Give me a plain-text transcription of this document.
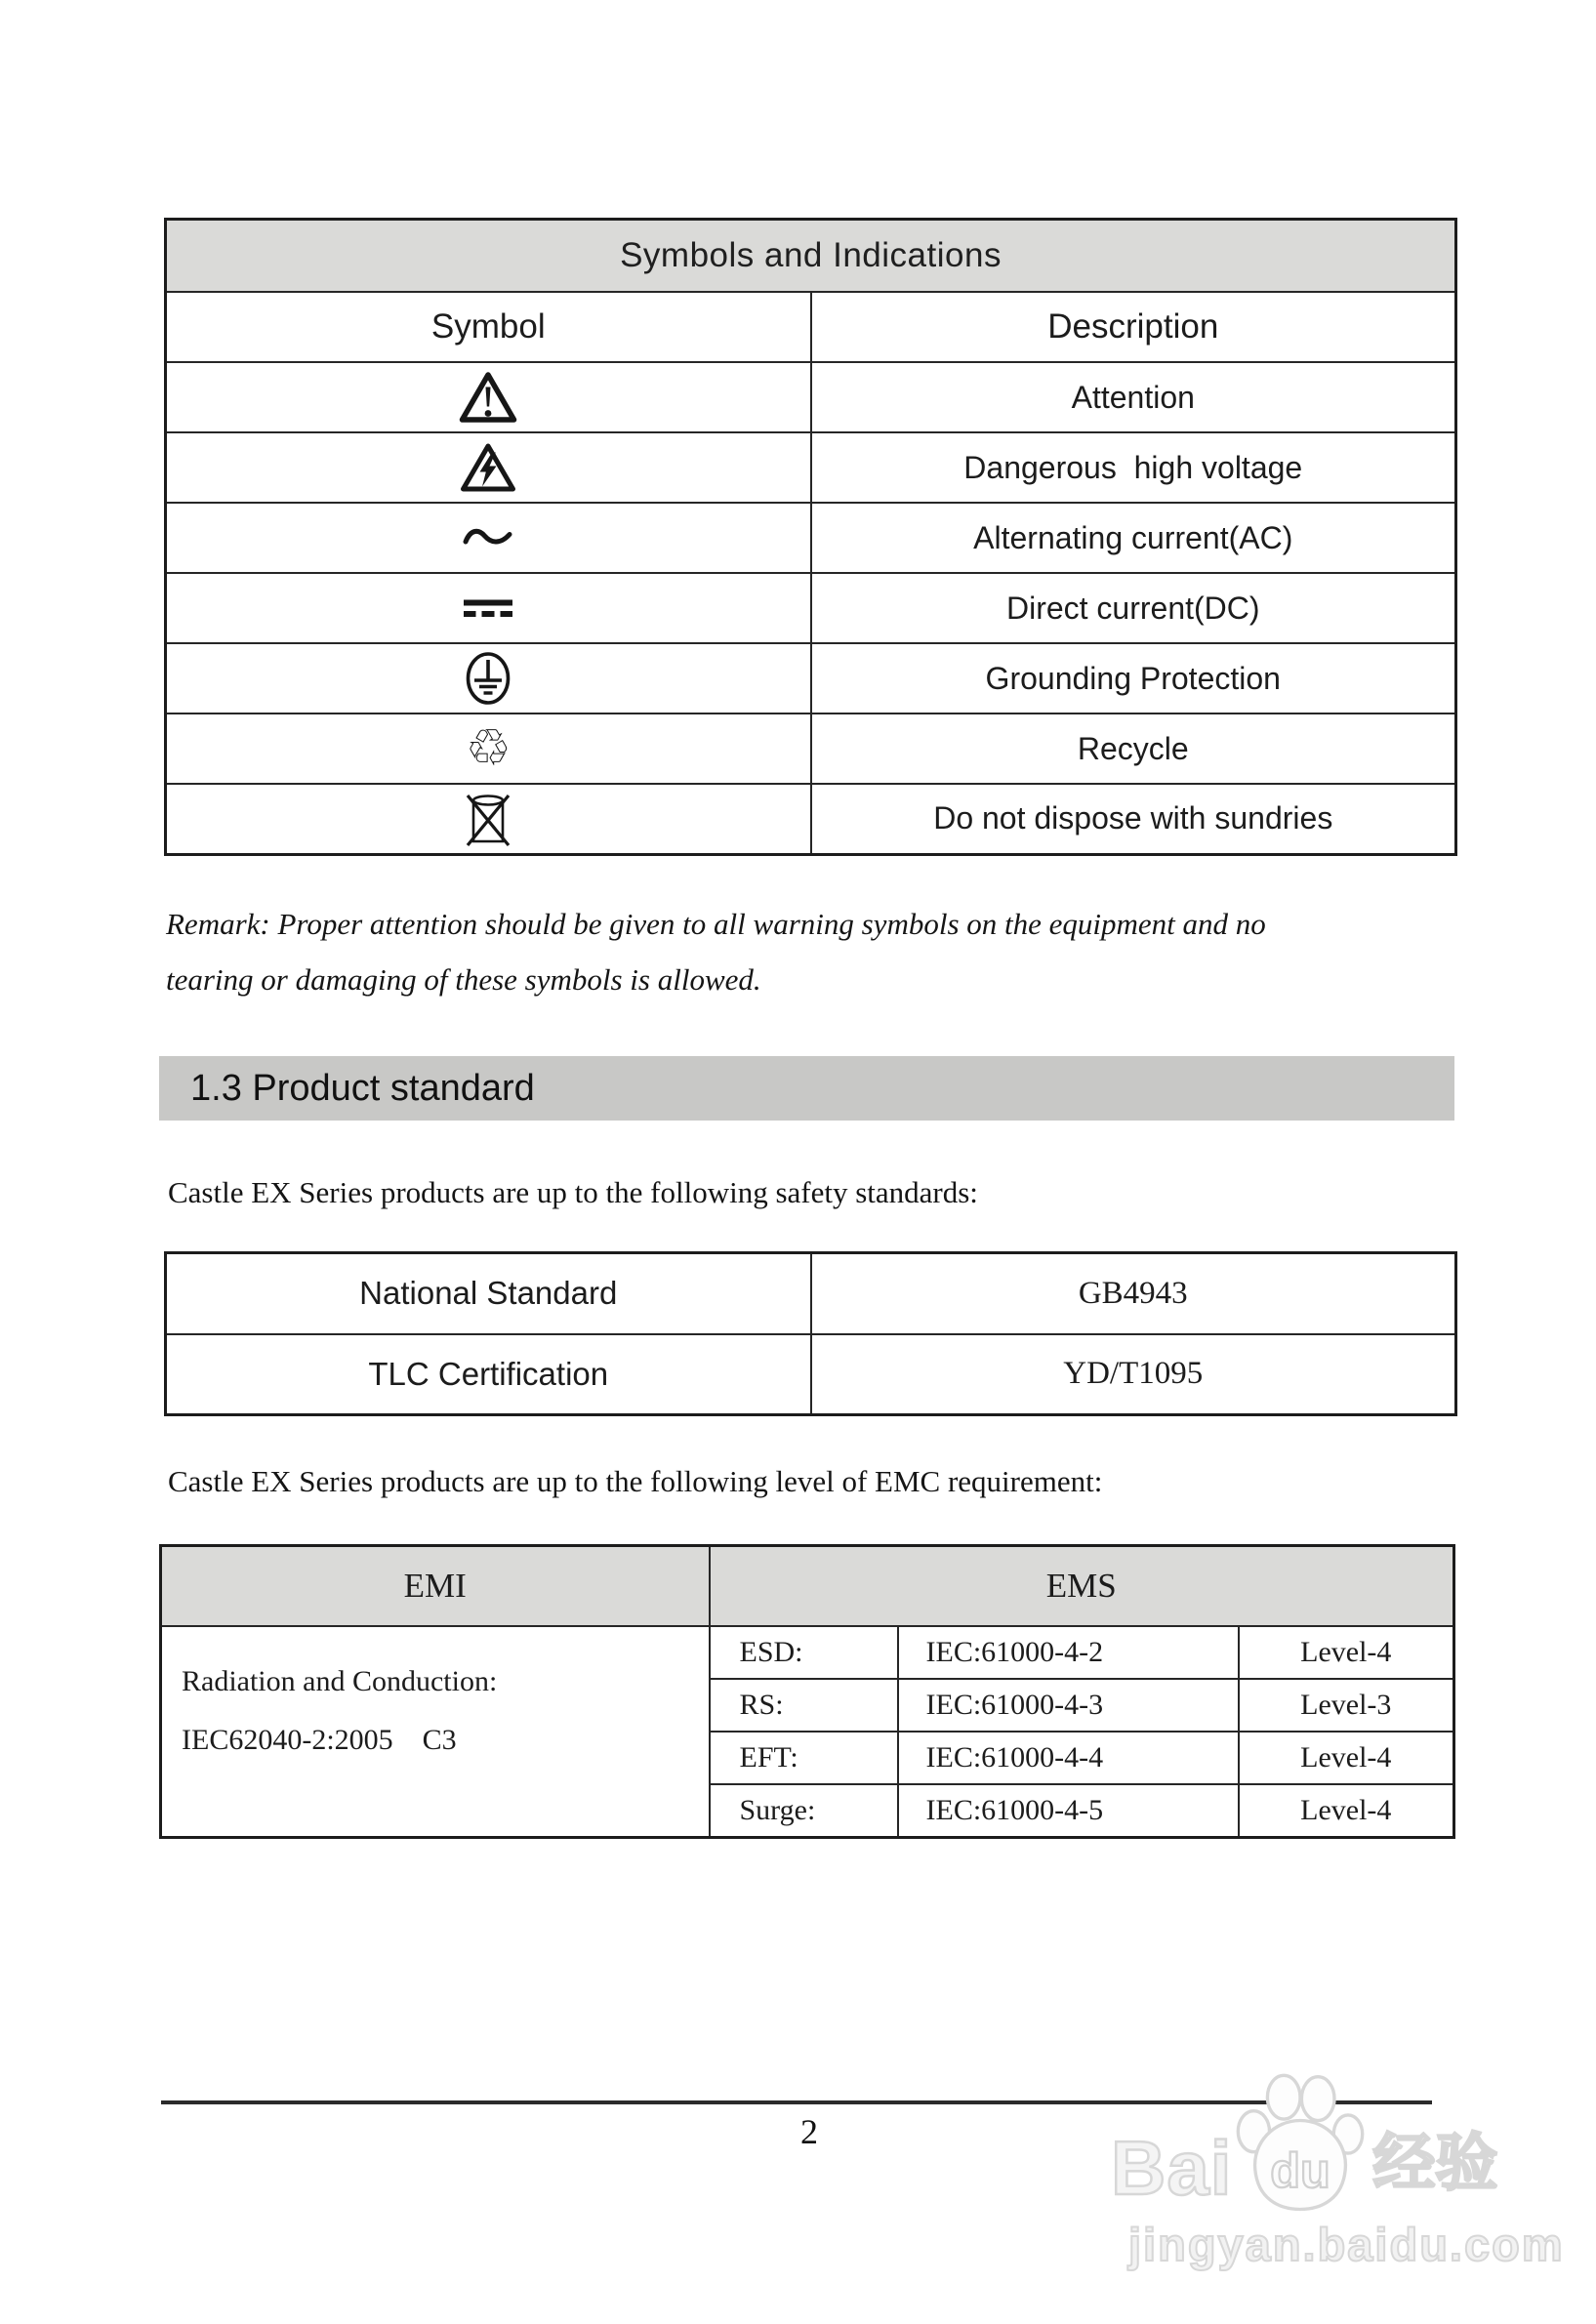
Symbols and Indications	
Symbol	Description
	Attention
	Dangerous  high voltage
	Alternating current(AC)
	Direct current(DC)
	Grounding Protection
♲	Recycle
	Do not dispose with sundries
Remark: Proper attention should be given to all warning symbols on the equipment and no
tearing or damaging of these symbols is allowed.
1.3 Product standard
Castle EX Series products are up to the following safety standards:
National Standard	GB4943
TLC Certification	YD/T1095
Castle EX Series products are up to the following level of EMC requirement:
EMI	EMS		
Radiation and Conduction:
IEC62040-2:2005    C3	ESD:	IEC:61000-4-2	Level-4
	RS:	IEC:61000-4-3	Level-3
	EFT:	IEC:61000-4-4	Level-4
	Surge:	IEC:61000-4-5	Level-4
2	Bai du 经验
jingyan.baidu.com
